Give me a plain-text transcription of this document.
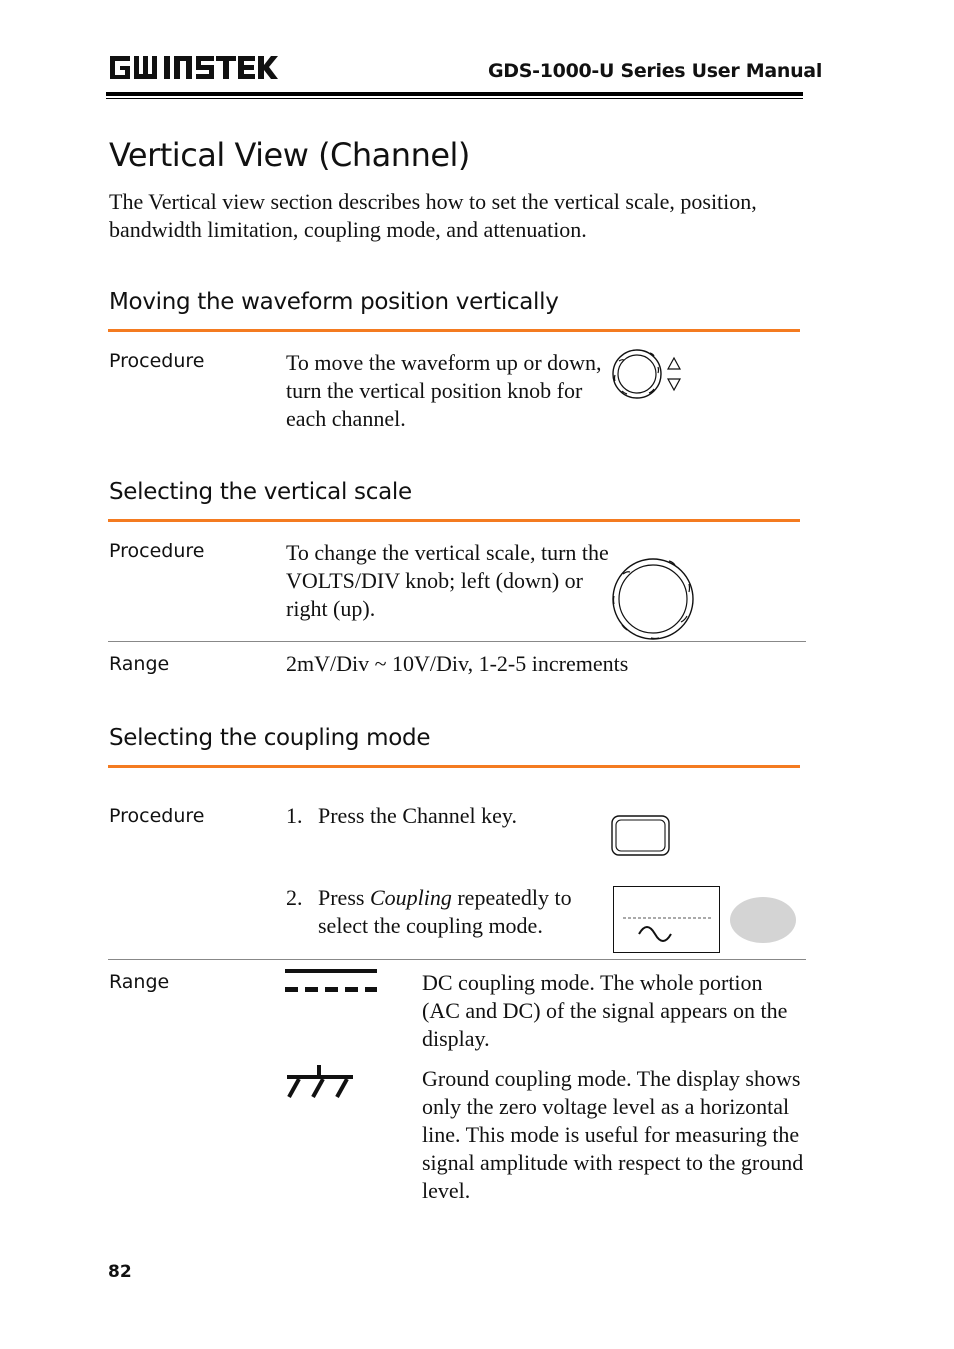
GDS-1000-U Series User Manual
Vertical View (Channel)
The Vertical view section describes how to set the vertical scale, position, bandwidth limitation, coupling mode, and attenuation.
Moving the waveform position vertically
Procedure	To move the waveform up or down, turn the vertical position knob for each channel.
Selecting the vertical scale
Procedure	To change the vertical scale, turn the VOLTS/DIV knob; left (down) or right (up).
Range	2mV/Div ~ 10V/Div, 1-2-5 increments
Selecting the coupling mode
Procedure	1. Press the Channel key.
2. Press Coupling repeatedly to select the coupling mode.
Range	DC coupling mode. The whole portion (AC and DC) of the signal appears on the display.
Ground coupling mode. The display shows only the zero voltage level as a horizontal line. This mode is useful for measuring the signal amplitude with respect to the ground level.
82
